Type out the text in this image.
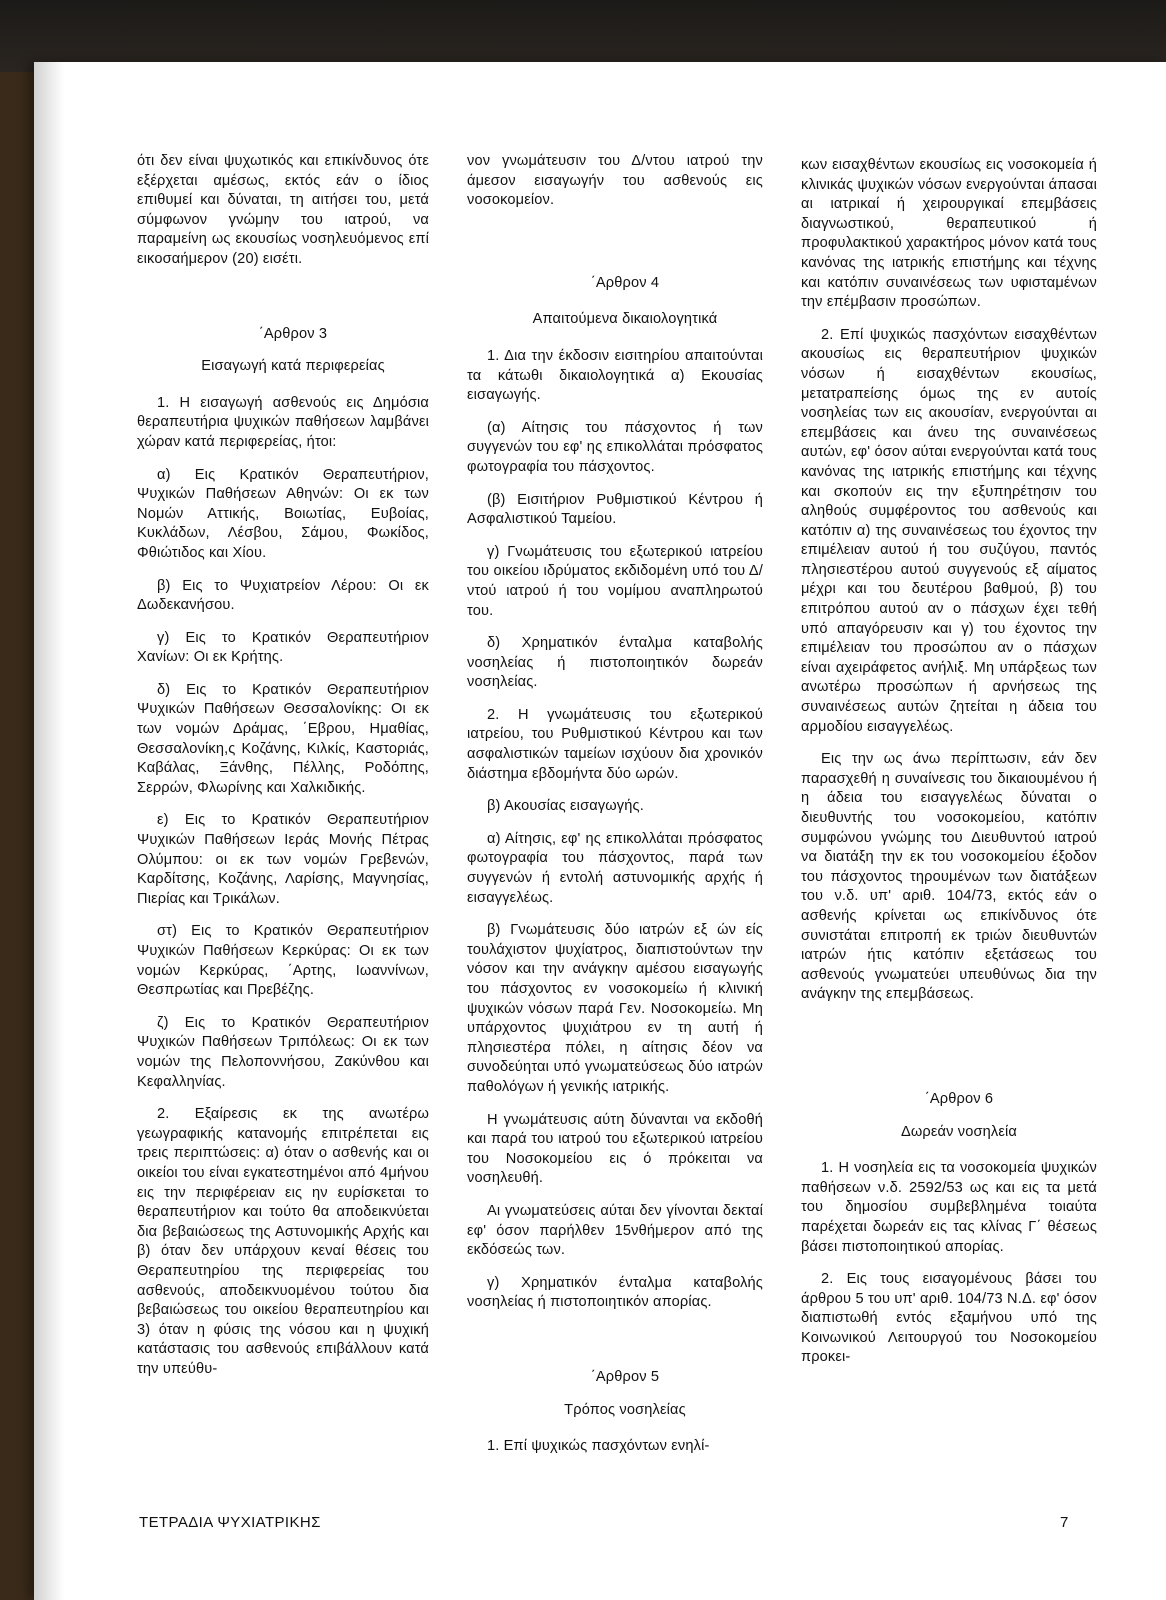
ότι δεν είναι ψυχωτικός και επικίνδυνος ότε εξέρχεται αμέσως, εκτός εάν ο ίδιος επιθυμεί και δύναται, τη αιτήσει του, μετά σύμφωνον γνώμην του ιατρού, να παραμείνη ως εκουσίως νοσηλευόμενος επί εικοσαήμερον (20) εισέτι.

΄Αρθρον 3

Εισαγωγή κατά περιφερείας

1. Η εισαγωγή ασθενούς εις Δημόσια θεραπευτήρια ψυχικών παθήσεων λαμβάνει χώραν κατά περιφερείας, ήτοι:

α) Εις Κρατικόν Θεραπευτήριον, Ψυχικών Παθήσεων Αθηνών: Οι εκ των Νομών Αττικής, Βοιωτίας, Ευβοίας, Κυκλάδων, Λέσβου, Σάμου, Φωκίδος, Φθιώτιδος και Χίου.

β) Εις το Ψυχιατρείον Λέρου: Οι εκ Δωδεκανήσου.

γ) Εις το Κρατικόν Θεραπευτήριον Χανίων: Οι εκ Κρήτης.

δ) Εις το Κρατικόν Θεραπευτήριον Ψυχικών Παθήσεων Θεσσαλονίκης: Οι εκ των νομών Δράμας, ΄Εβρου, Ημαθίας, Θεσσαλονίκη,ς Κοζάνης, Κιλκίς, Καστοριάς, Καβάλας, Ξάνθης, Πέλλης, Ροδόπης, Σερρών, Φλωρίνης και Χαλκιδικής.

ε) Εις το Κρατικόν Θεραπευτήριον Ψυχικών Παθήσεων Ιεράς Μονής Πέτρας Ολύμπου: οι εκ των νομών Γρεβενών, Καρδίτσης, Κοζάνης, Λαρίσης, Μαγνησίας, Πιερίας και Τρικάλων.

στ) Εις το Κρατικόν Θεραπευτήριον Ψυχικών Παθήσεων Κερκύρας: Οι εκ των νομών Κερκύρας, ΄Αρτης, Ιωαννίνων, Θεσπρωτίας και Πρεβέζης.

ζ) Εις το Κρατικόν Θεραπευτήριον Ψυχικών Παθήσεων Τριπόλεως: Οι εκ των νομών της Πελοποννήσου, Ζακύνθου και Κεφαλληνίας.

2. Εξαίρεσις εκ της ανωτέρω γεωγραφικής κατανομής επιτρέπεται εις τρεις περιπτώσεις: α) όταν ο ασθενής και οι οικείοι του είναι εγκατεστημένοι από 4μήνου εις την περιφέρειαν εις ην ευρίσκεται το θεραπευτήριον και τούτο θα αποδεικνύεται δια βεβαιώσεως της Αστυνομικής Αρχής και β) όταν δεν υπάρχουν κεναί θέσεις του Θεραπευτηρίου της περιφερείας του ασθενούς, αποδεικνυομένου τούτου δια βεβαιώσεως του οικείου θεραπευτηρίου και 3) όταν η φύσις της νόσου και η ψυχική κατάστασις του ασθενούς επιβάλλουν κατά την υπεύθυ-

νον γνωμάτευσιν του Δ/ντου ιατρού την άμεσον εισαγωγήν του ασθενούς εις νοσοκομείον.

΄Αρθρον 4

Απαιτούμενα δικαιολογητικά

1. Δια την έκδοσιν εισιτηρίου απαιτούνται τα κάτωθι δικαιολογητικά α) Εκουσίας εισαγωγής.

(α) Αίτησις του πάσχοντος ή των συγγενών του εφ' ης επικολλάται πρόσφατος φωτογραφία του πάσχοντος.

(β) Εισιτήριον Ρυθμιστικού Κέντρου ή Ασφαλιστικού Ταμείου.

γ) Γνωμάτευσις του εξωτερικού ιατρείου του οικείου ιδρύματος εκδιδομένη υπό του Δ/ντού ιατρού ή του νομίμου αναπληρωτού του.

δ) Χρηματικόν ένταλμα καταβολής νοσηλείας ή πιστοποιητικόν δωρεάν νοσηλείας.

2. Η γνωμάτευσις του εξωτερικού ιατρείου, του Ρυθμιστικού Κέντρου και των ασφαλιστικών ταμείων ισχύουν δια χρονικόν διάστημα εβδομήντα δύο ωρών.

β) Ακουσίας εισαγωγής.

α) Αίτησις, εφ' ης επικολλάται πρόσφατος φωτογραφία του πάσχοντος, παρά των συγγενών ή εντολή αστυνομικής αρχής ή εισαγγελέως.

β) Γνωμάτευσις δύο ιατρών εξ ών είς τουλάχιστον ψυχίατρος, διαπιστούντων την νόσον και την ανάγκην αμέσου εισαγωγής του πάσχοντος εν νοσοκομείω ή κλινική ψυχικών νόσων παρά Γεν. Νοσοκομείω. Μη υπάρχοντος ψυχιάτρου εν τη αυτή ή πλησιεστέρα πόλει, η αίτησις δέον να συνοδεύηται υπό γνωματεύσεως δύο ιατρών παθολόγων ή γενικής ιατρικής.

Η γνωμάτευσις αύτη δύνανται να εκδοθή και παρά του ιατρού του εξωτερικού ιατρείου του Νοσοκομείου εις ό πρόκειται να νοσηλευθή.

Αι γνωματεύσεις αύται δεν γίνονται δεκταί εφ' όσον παρήλθεν 15νθήμερον από της εκδόσεώς των.

γ) Χρηματικόν ένταλμα καταβολής νοσηλείας ή πιστοποιητικόν απορίας.

΄Αρθρον 5

Τρόπος νοσηλείας

1. Επί ψυχικώς πασχόντων ενηλί-

κων εισαχθέντων εκουσίως εις νοσοκομεία ή κλινικάς ψυχικών νόσων ενεργούνται άπασαι αι ιατρικαί ή χειρουργικαί επεμβάσεις διαγνωστικού, θεραπευτικού ή προφυλακτικού χαρακτήρος μόνον κατά τους κανόνας της ιατρικής επιστήμης και τέχνης και κατόπιν συναινέσεως των υφισταμένων την επέμβασιν προσώπων.

2. Επί ψυχικώς πασχόντων εισαχθέντων ακουσίως εις θεραπευτήριον ψυχικών νόσων ή εισαχθέντων εκουσίως, μετατραπείσης όμως της εν αυτοίς νοσηλείας των εις ακουσίαν, ενεργούνται αι επεμβάσεις και άνευ της συναινέσεως αυτών, εφ' όσον αύται ενεργούνται κατά τους κανόνας της ιατρικής επιστήμης και τέχνης και σκοπούν εις την εξυπηρέτησιν του αληθούς συμφέροντος του ασθενούς και κατόπιν α) της συναινέσεως του έχοντος την επιμέλειαν αυτού ή του συζύγου, παντός πλησιεστέρου αυτού συγγενούς εξ αίματος μέχρι και του δευτέρου βαθμού, β) του επιτρόπου αυτού αν ο πάσχων έχει τεθή υπό απαγόρευσιν και γ) του έχοντος την επιμέλειαν του προσώπου αν ο πάσχων είναι αχειράφετος ανήλιξ. Μη υπάρξεως των ανωτέρω προσώπων ή αρνήσεως της συναινέσεως αυτών ζητείται η άδεια του αρμοδίου εισαγγελέως.

Εις την ως άνω περίπτωσιν, εάν δεν παρασχεθή η συναίνεσις του δικαιουμένου ή η άδεια του εισαγγελέως δύναται ο διευθυντής του νοσοκομείου, κατόπιν συμφώνου γνώμης του Διευθυντού ιατρού να διατάξη την εκ του νοσοκομείου έξοδον του πάσχοντος τηρουμένων των διατάξεων του ν.δ. υπ' αριθ. 104/73, εκτός εάν ο ασθενής κρίνεται ως επικίνδυνος ότε συνιστάται επιτροπή εκ τριών διευθυντών ιατρών ήτις κατόπιν εξετάσεως του ασθενούς γνωματεύει υπευθύνως δια την ανάγκην της επεμβάσεως.

΄Αρθρον 6

Δωρεάν νοσηλεία

1. Η νοσηλεία εις τα νοσοκομεία ψυχικών παθήσεων ν.δ. 2592/53 ως και εις τα μετά του δημοσίου συμβεβλημένα τοιαύτα παρέχεται δωρεάν εις τας κλίνας Γ΄ θέσεως βάσει πιστοποιητικού απορίας.

2. Εις τους εισαγομένους βάσει του άρθρου 5 του υπ' αριθ. 104/73 Ν.Δ. εφ' όσον διαπιστωθή εντός εξαμήνου υπό της Κοινωνικού Λειτουργού του Νοσοκομείου προκει-

ΤΕΤΡΑΔΙΑ ΨΥΧΙΑΤΡΙΚΗΣ	7
